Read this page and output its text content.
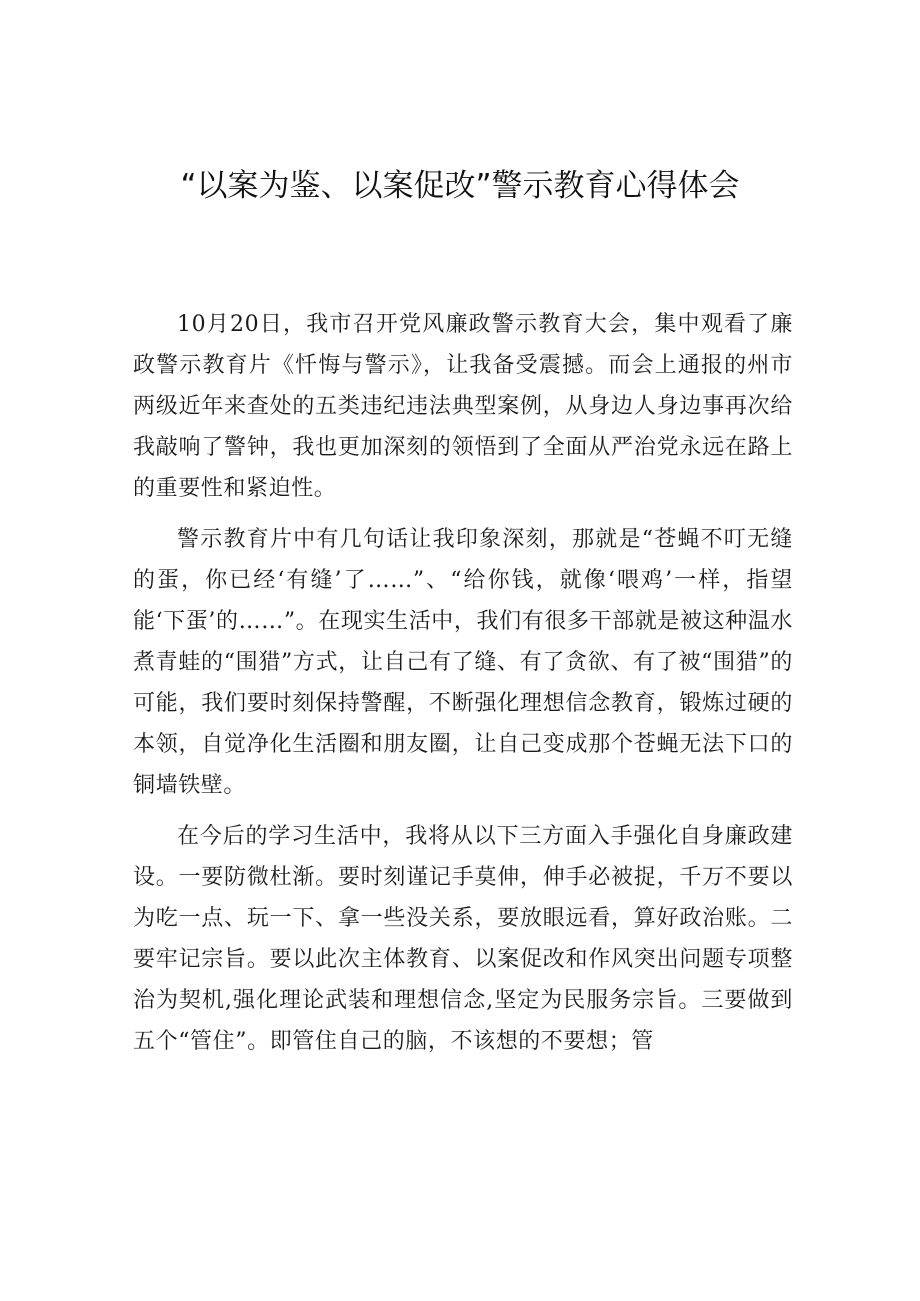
“以案为鉴、以案促改”警示教育心得体会

10月20日，我市召开党风廉政警示教育大会，集中观看了廉政警示教育片《忏悔与警示》，让我备受震撼。而会上通报的州市两级近年来查处的五类违纪违法典型案例，从身边人身边事再次给我敲响了警钟，我也更加深刻的领悟到了全面从严治党永远在路上的重要性和紧迫性。

警示教育片中有几句话让我印象深刻，那就是“苍蝇不叮无缝的蛋，你已经‘有缝’了……”、“给你钱，就像‘喂鸡’一样，指望能‘下蛋’的……”。在现实生活中，我们有很多干部就是被这种温水煮青蛙的“围猎”方式，让自己有了缝、有了贪欲、有了被“围猎”的可能，我们要时刻保持警醒，不断强化理想信念教育，锻炼过硬的本领，自觉净化生活圈和朋友圈，让自己变成那个苍蝇无法下口的铜墙铁壁。

在今后的学习生活中，我将从以下三方面入手强化自身廉政建设。一要防微杜渐。要时刻谨记手莫伸，伸手必被捉，千万不要以为吃一点、玩一下、拿一些没关系，要放眼远看，算好政治账。二要牢记宗旨。要以此次主体教育、以案促改和作风突出问题专项整治为契机,强化理论武装和理想信念,坚定为民服务宗旨。三要做到五个“管住”。即管住自己的脑，不该想的不要想；管
